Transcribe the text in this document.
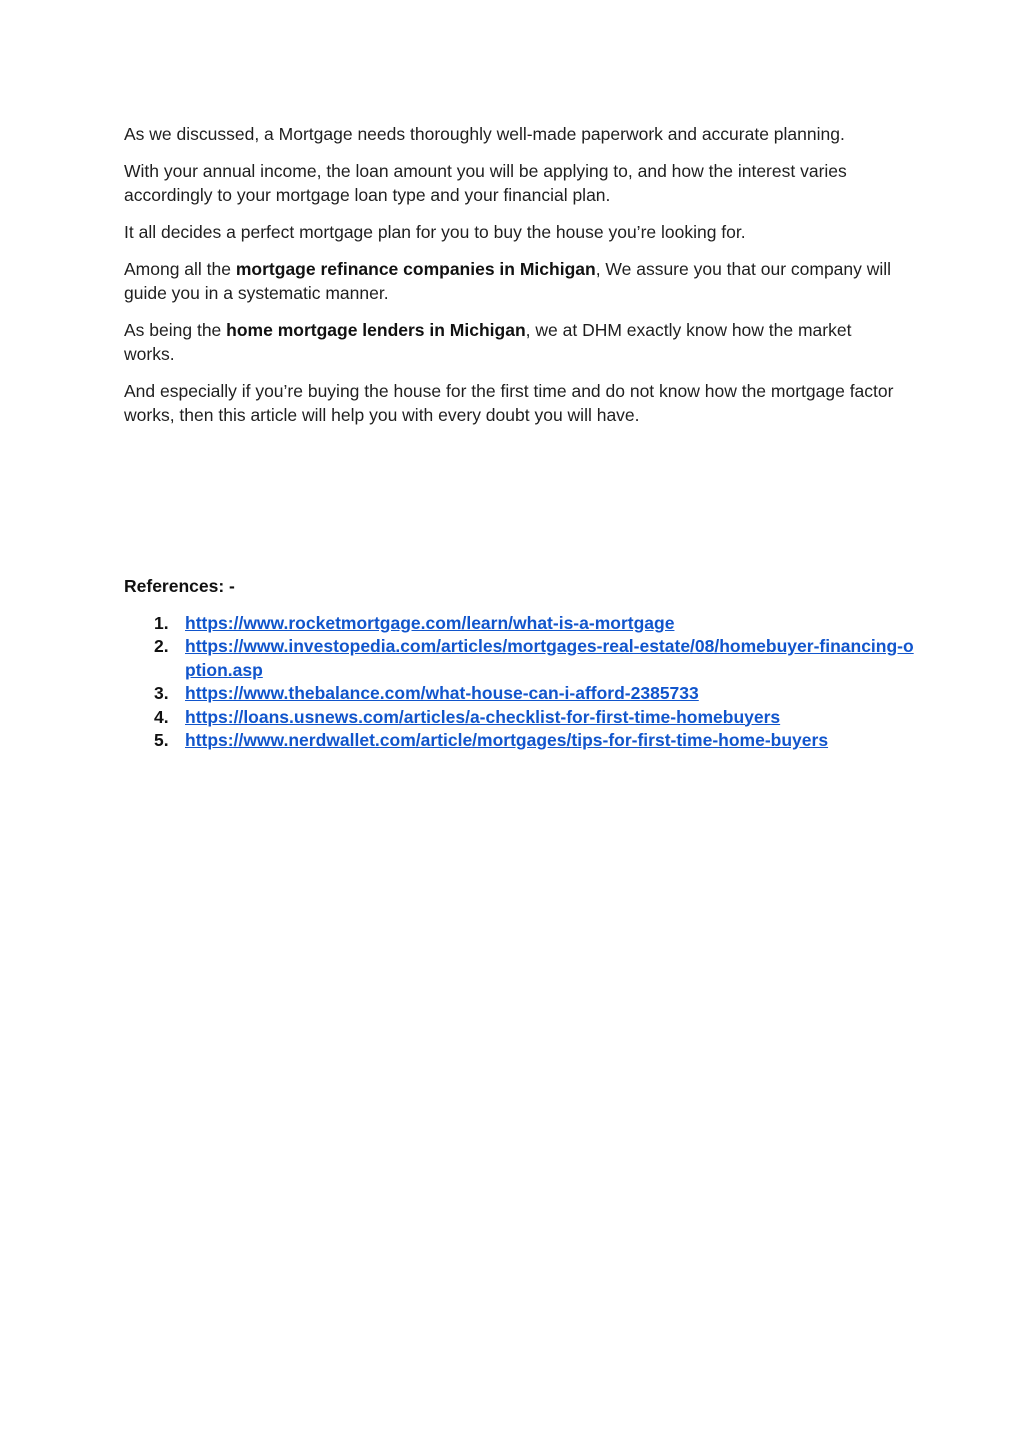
As we discussed, a Mortgage needs thoroughly well-made paperwork and accurate planning.

With your annual income, the loan amount you will be applying to, and how the interest varies accordingly to your mortgage loan type and your financial plan.

It all decides a perfect mortgage plan for you to buy the house you’re looking for.

Among all the mortgage refinance companies in Michigan, We assure you that our company will guide you in a systematic manner.

As being the home mortgage lenders in Michigan, we at DHM exactly know how the market works.

And especially if you’re buying the house for the first time and do not know how the mortgage factor works, then this article will help you with every doubt you will have.

References: -
1. https://www.rocketmortgage.com/learn/what-is-a-mortgage
2. https://www.investopedia.com/articles/mortgages-real-estate/08/homebuyer-financing-option.asp
3. https://www.thebalance.com/what-house-can-i-afford-2385733
4. https://loans.usnews.com/articles/a-checklist-for-first-time-homebuyers
5. https://www.nerdwallet.com/article/mortgages/tips-for-first-time-home-buyers
